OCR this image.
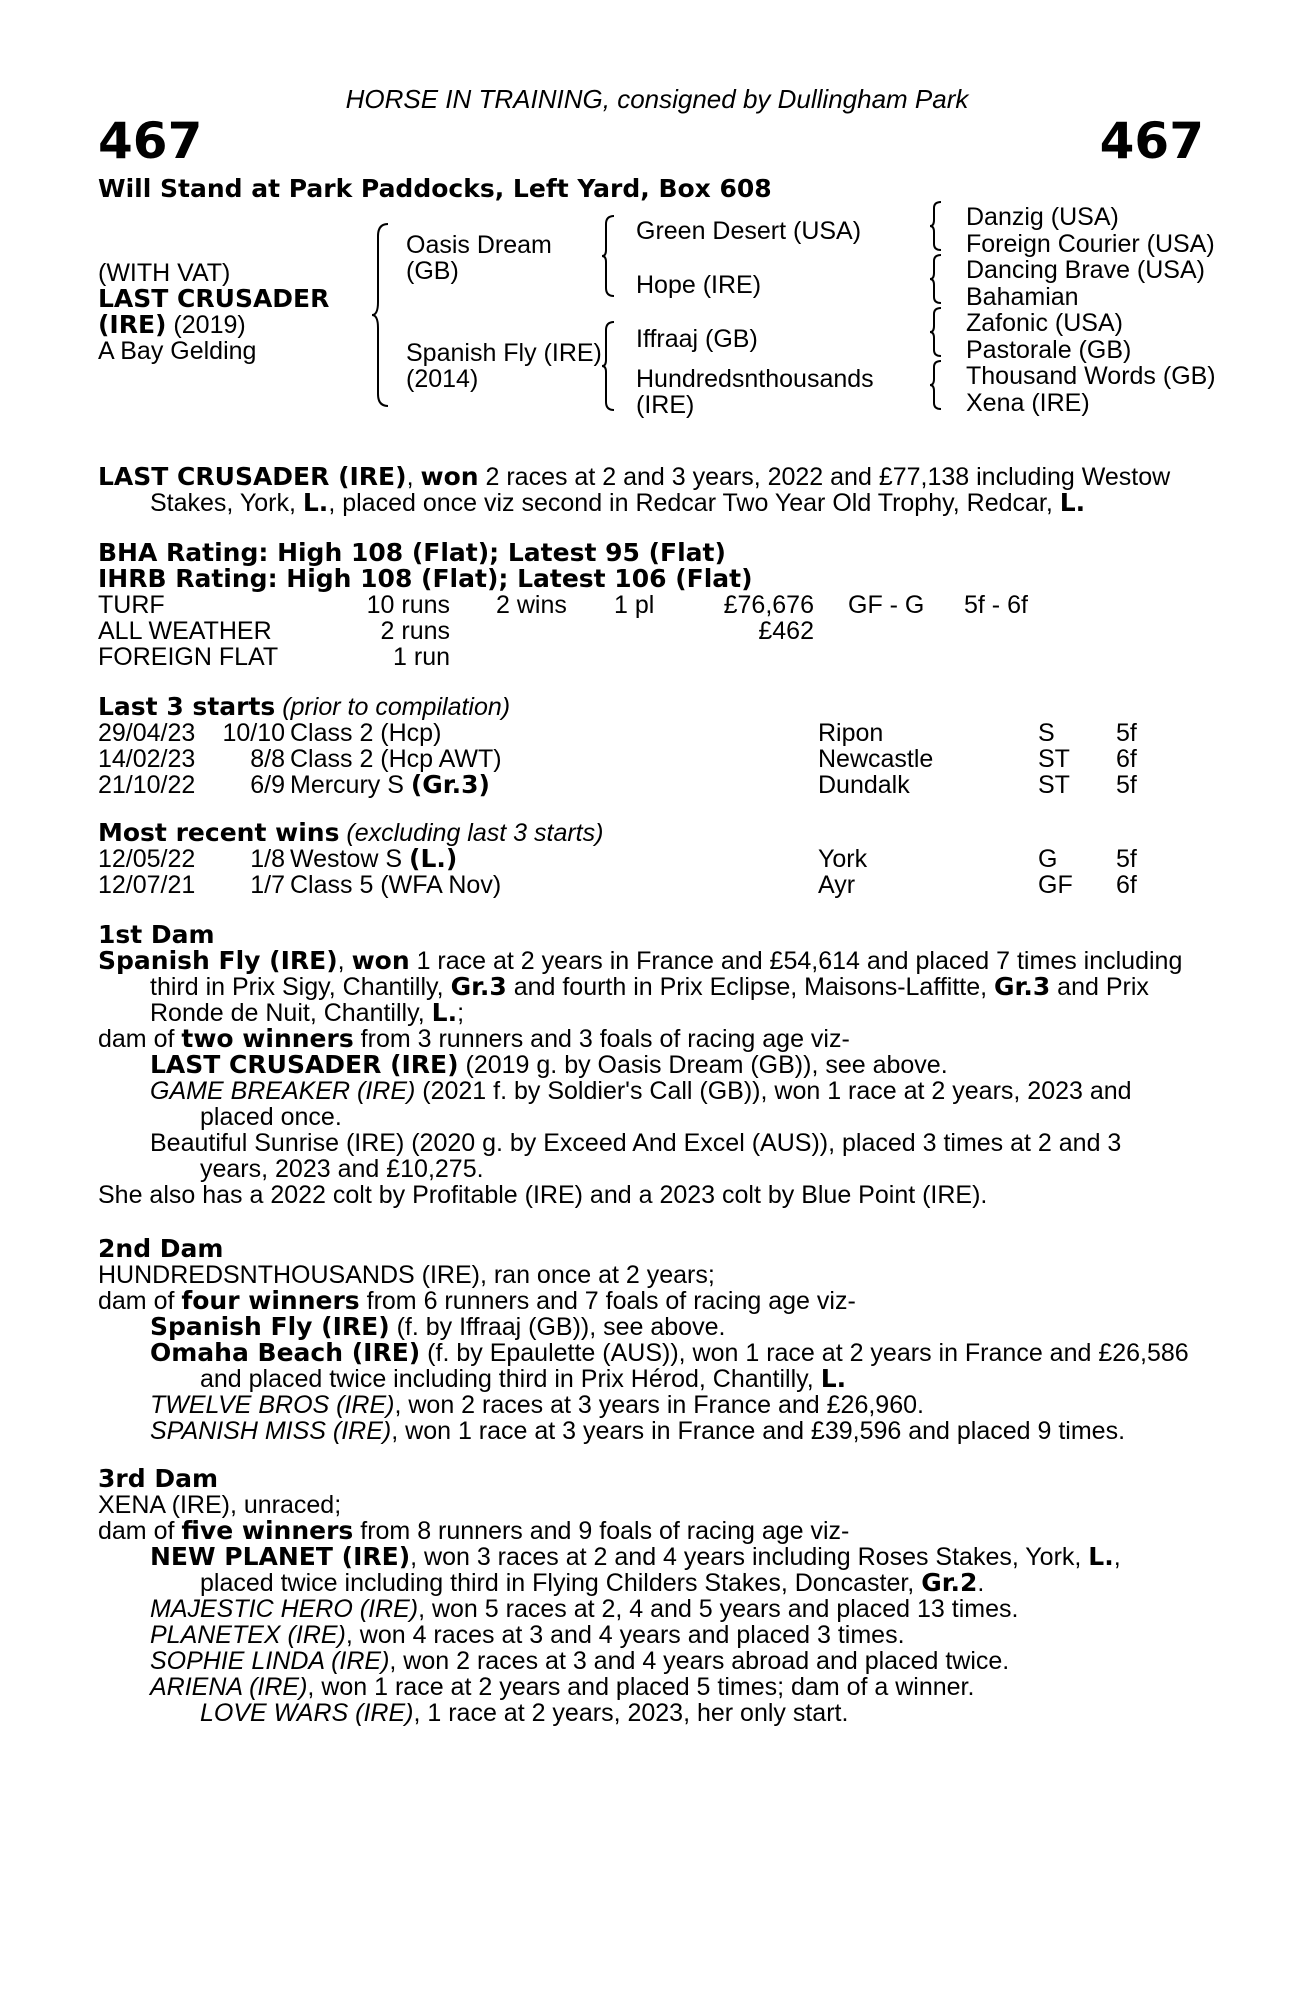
HORSE IN TRAINING, consigned by Dullingham Park
467	467
Will Stand at Park Paddocks, Left Yard, Box 608
(WITH VAT)
LAST CRUSADER
(IRE) (2019)
A Bay Gelding
Oasis Dream
(GB)
Spanish Fly (IRE)
(2014)
Green Desert (USA)
Hope (IRE)
Iffraaj (GB)
Hundredsnthousands
(IRE)
Danzig (USA)
Foreign Courier (USA)
Dancing Brave (USA)
Bahamian
Zafonic (USA)
Pastorale (GB)
Thousand Words (GB)
Xena (IRE)
LAST CRUSADER (IRE), won 2 races at 2 and 3 years, 2022 and £77,138 including Westow
Stakes, York, L., placed once viz second in Redcar Two Year Old Trophy, Redcar, L.
BHA Rating: High 108 (Flat); Latest 95 (Flat)
IHRB Rating: High 108 (Flat); Latest 106 (Flat)
TURF	10 runs 2 wins 1 pl	£76,676 GF - G 5f - 6f
ALL WEATHER	2 runs	£462
FOREIGN FLAT	1 run
Last 3 starts (prior to compilation)
29/04/23 10/10 Class 2 (Hcp)	Ripon	S 5f
14/02/23 8/8 Class 2 (Hcp AWT)	Newcastle	ST 6f
21/10/22 6/9 Mercury S (Gr.3)	Dundalk	ST 5f
Most recent wins (excluding last 3 starts)
12/05/22 1/8 Westow S (L.)	York	G 5f
12/07/21 1/7 Class 5 (WFA Nov)	Ayr	GF 6f
1st Dam
Spanish Fly (IRE), won 1 race at 2 years in France and £54,614 and placed 7 times including
third in Prix Sigy, Chantilly, Gr.3 and fourth in Prix Eclipse, Maisons-Laffitte, Gr.3 and Prix
Ronde de Nuit, Chantilly, L.;
dam of two winners from 3 runners and 3 foals of racing age viz-
LAST CRUSADER (IRE) (2019 g. by Oasis Dream (GB)), see above.
GAME BREAKER (IRE) (2021 f. by Soldier's Call (GB)), won 1 race at 2 years, 2023 and
placed once.
Beautiful Sunrise (IRE) (2020 g. by Exceed And Excel (AUS)), placed 3 times at 2 and 3
years, 2023 and £10,275.
She also has a 2022 colt by Profitable (IRE) and a 2023 colt by Blue Point (IRE).
2nd Dam
HUNDREDSNTHOUSANDS (IRE), ran once at 2 years;
dam of four winners from 6 runners and 7 foals of racing age viz-
Spanish Fly (IRE) (f. by Iffraaj (GB)), see above.
Omaha Beach (IRE) (f. by Epaulette (AUS)), won 1 race at 2 years in France and £26,586
and placed twice including third in Prix Hérod, Chantilly, L.
TWELVE BROS (IRE), won 2 races at 3 years in France and £26,960.
SPANISH MISS (IRE), won 1 race at 3 years in France and £39,596 and placed 9 times.
3rd Dam
XENA (IRE), unraced;
dam of five winners from 8 runners and 9 foals of racing age viz-
NEW PLANET (IRE), won 3 races at 2 and 4 years including Roses Stakes, York, L.,
placed twice including third in Flying Childers Stakes, Doncaster, Gr.2.
MAJESTIC HERO (IRE), won 5 races at 2, 4 and 5 years and placed 13 times.
PLANETEX (IRE), won 4 races at 3 and 4 years and placed 3 times.
SOPHIE LINDA (IRE), won 2 races at 3 and 4 years abroad and placed twice.
ARIENA (IRE), won 1 race at 2 years and placed 5 times; dam of a winner.
LOVE WARS (IRE), 1 race at 2 years, 2023, her only start.
